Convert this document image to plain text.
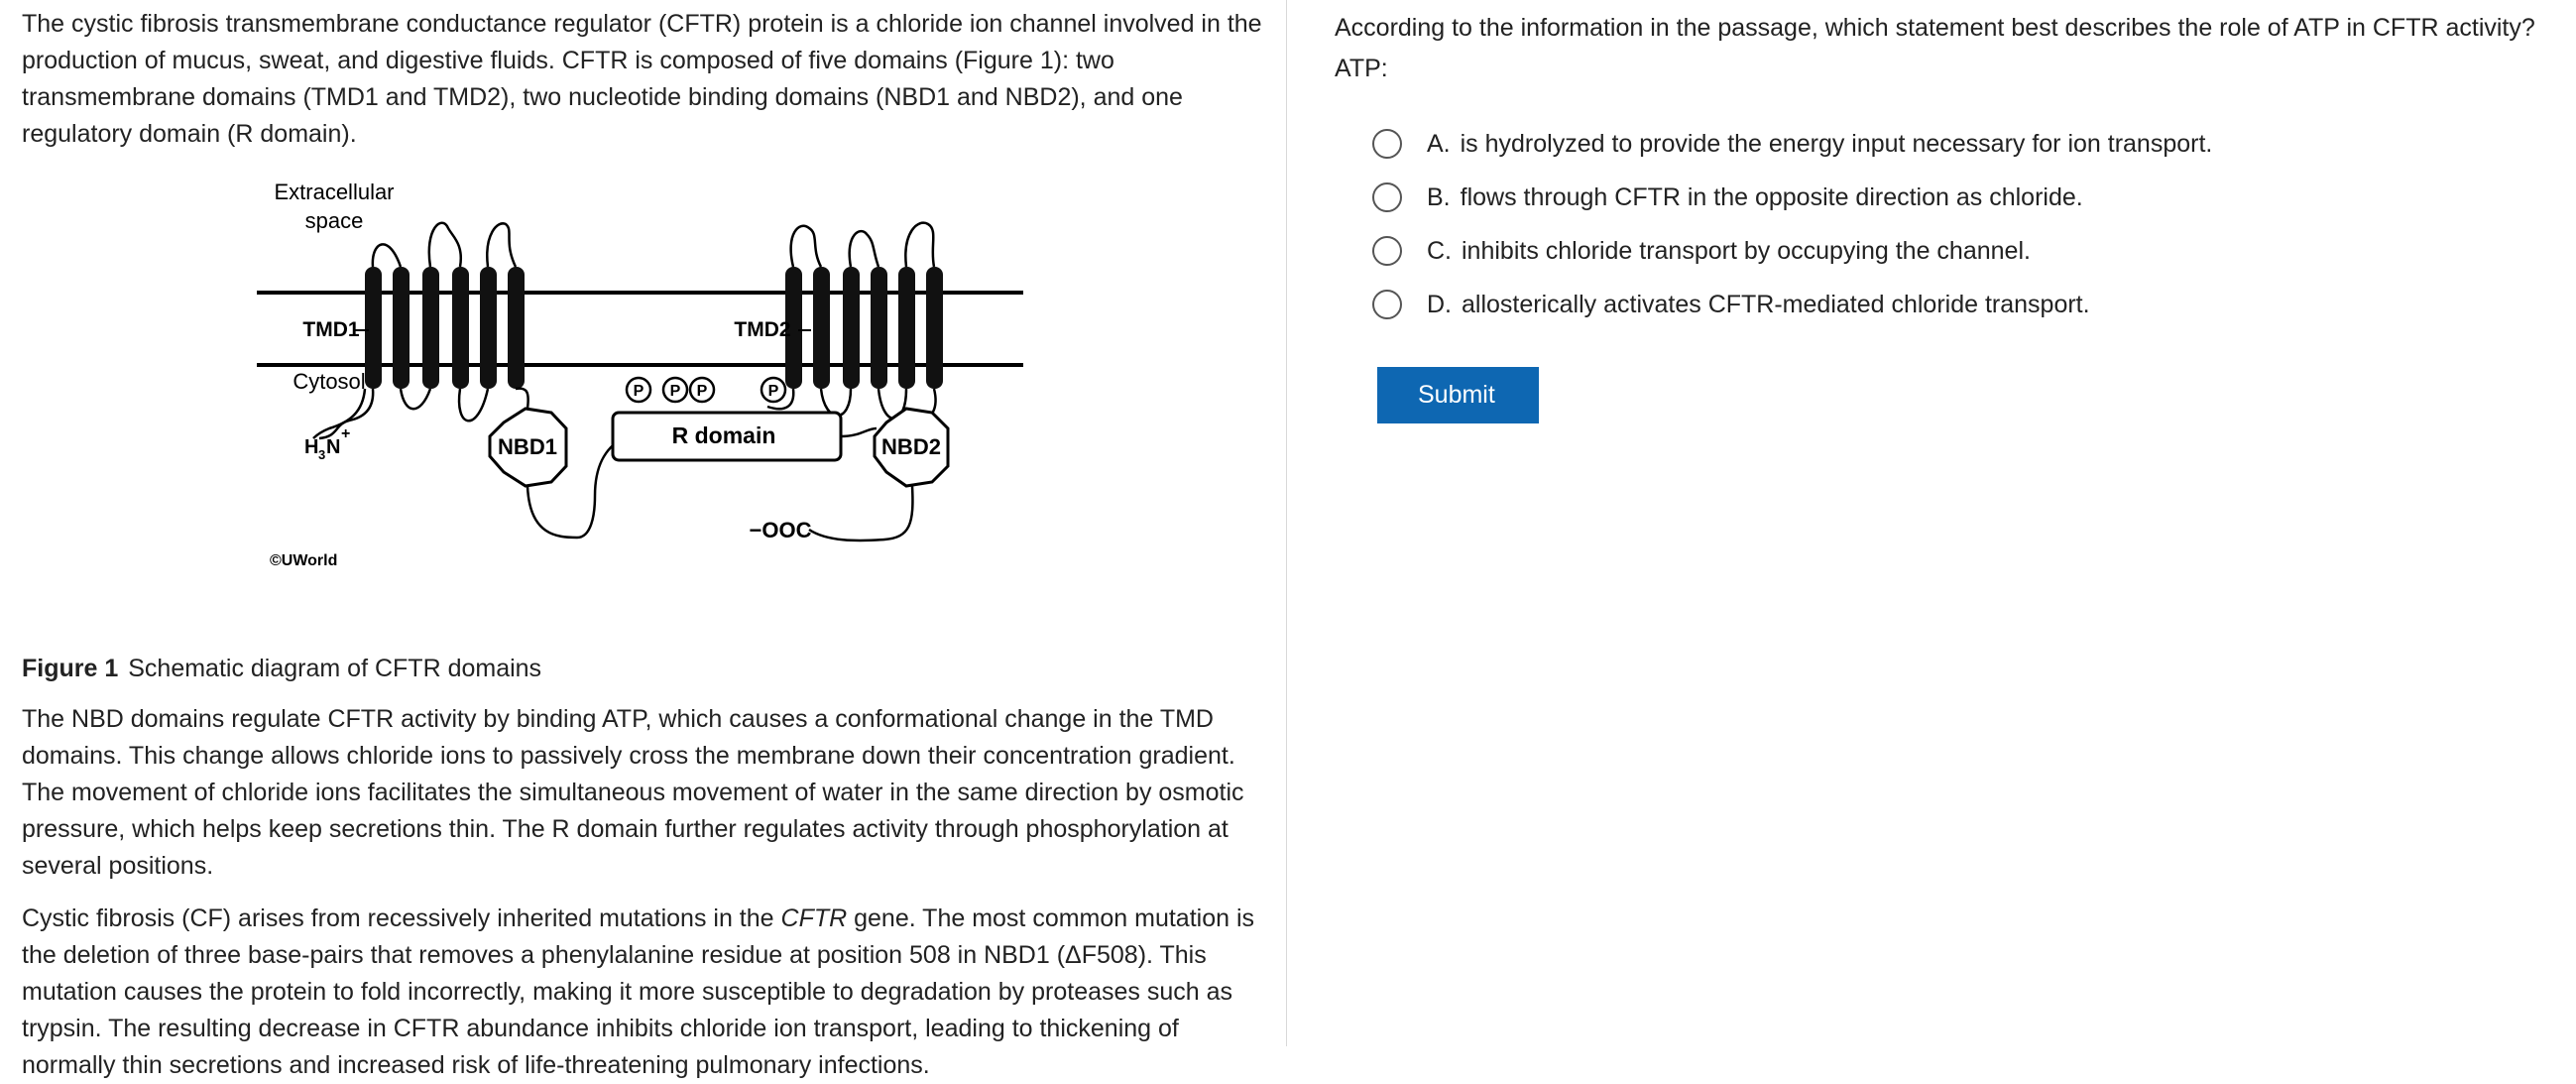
The cystic fibrosis transmembrane conductance regulator (CFTR) protein is a chloride ion channel involved in the production of mucus, sweat, and digestive fluids. CFTR is composed of five domains (Figure 1): two transmembrane domains (TMD1 and TMD2), two nucleotide binding domains (NBD1 and NBD2), and one regulatory domain (R domain).

P P P	P
Extracellular
space
TMD1	TMD2
Cytosol
H 3 N
+
NBD1	R domain	NBD2
−OOC
©UWorld
Figure 1 Schematic diagram of CFTR domains

The NBD domains regulate CFTR activity by binding ATP, which causes a conformational change in the TMD domains. This change allows chloride ions to passively cross the membrane down their concentration gradient. The movement of chloride ions facilitates the simultaneous movement of water in the same direction by osmotic pressure, which helps keep secretions thin. The R domain further regulates activity through phosphorylation at several positions.

Cystic fibrosis (CF) arises from recessively inherited mutations in the CFTR gene. The most common mutation is the deletion of three base-pairs that removes a phenylalanine residue at position 508 in NBD1 (ΔF508). This mutation causes the protein to fold incorrectly, making it more susceptible to degradation by proteases such as trypsin. The resulting decrease in CFTR abundance inhibits chloride ion transport, leading to thickening of normally thin secretions and increased risk of life-threatening pulmonary infections.

According to the information in the passage, which statement best describes the role of ATP in CFTR activity?
ATP:
A. is hydrolyzed to provide the energy input necessary for ion transport.
B. flows through CFTR in the opposite direction as chloride.
C. inhibits chloride transport by occupying the channel.
D. allosterically activates CFTR-mediated chloride transport.
Submit
